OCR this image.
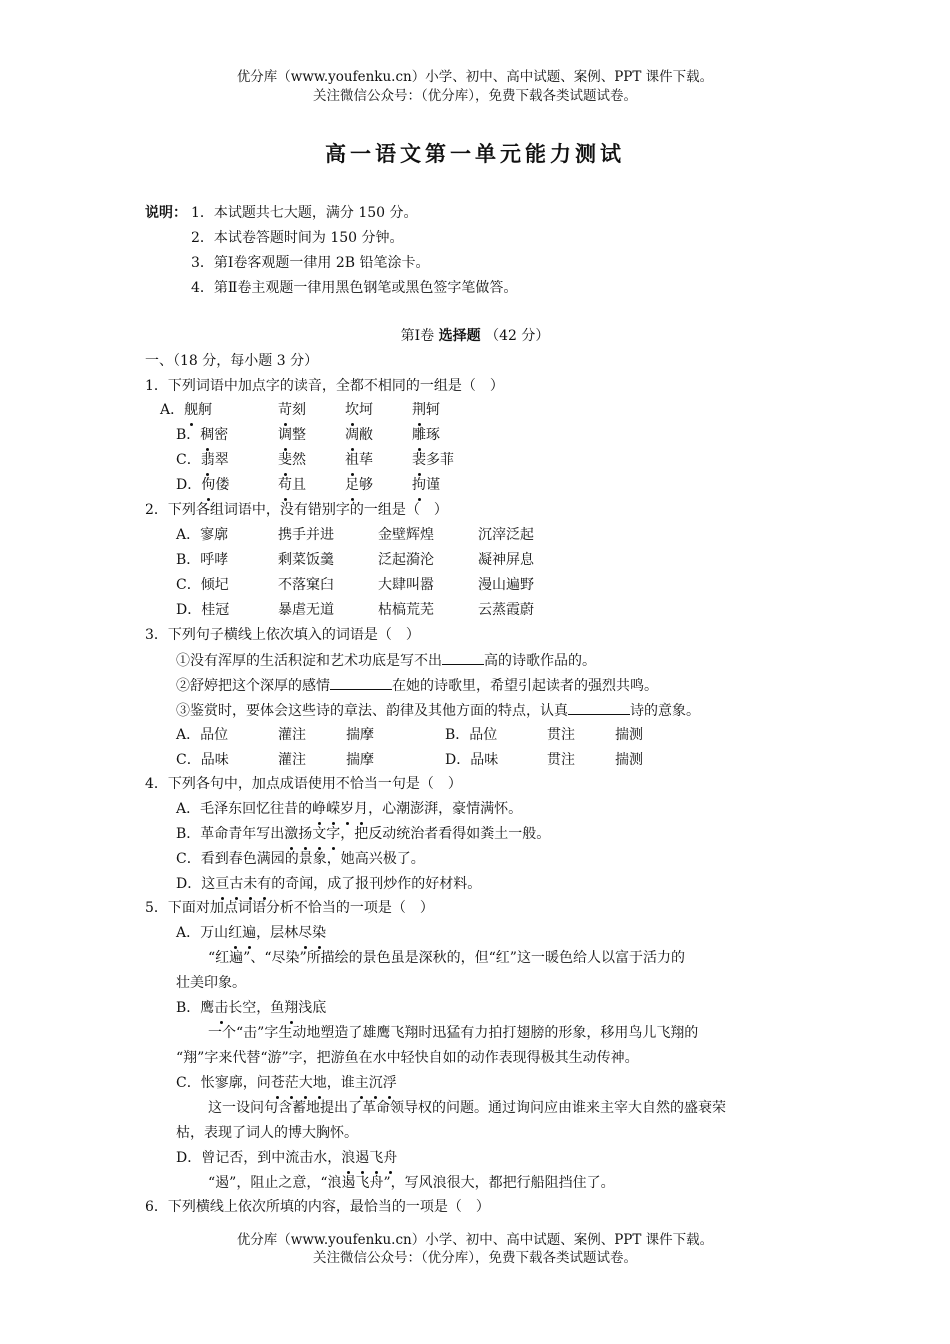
优分库（www.youfenku.cn）小学、初中、高中试题、案例、PPT 课件下载。
关注微信公众号：（优分库），免费下载各类试题试卷。
高一语文第一单元能力测试
说明： 1．本试题共七大题，满分 150 分。
2．本试卷答题时间为 150 分钟。
3．第Ⅰ卷客观题一律用 2B 铅笔涂卡。
4．第Ⅱ卷主观题一律用黑色钢笔或黑色签字笔做答。
第Ⅰ卷 选择题 （42 分）
一、（18 分，每小题 3 分）
1．下列词语中加点字的读音，全都不相同的一组是（　）
A．舰舸	苛刻	坎坷	荆轲
B．稠密	调整	凋敝	雕琢
C．翡翠	斐然	祖荜	裴多菲
D．佝偻	苟且	足够	拘谨
2．下列各组词语中，没有错别字的一组是（　）
A．寥廓	携手并进	金壁辉煌	沉滓泛起
B．呼哮	剩菜饭羹	泛起漪沦	凝神屏息
C．倾圮	不落窠臼	大肆叫嚣	漫山遍野
D．桂冠	暴虐无道	枯槁荒芜	云蒸霞蔚
3．下列句子横线上依次填入的词语是（　）
①没有浑厚的生活积淀和艺术功底是写不出	高的诗歌作品的。
②舒婷把这个深厚的感情	在她的诗歌里，希望引起读者的强烈共鸣。
③鉴赏时，要体会这些诗的章法、韵律及其他方面的特点，认真	诗的意象。
A．品位	灌注	揣摩	B．品位	贯注	揣测
C．品味	灌注	揣摩	D．品味	贯注	揣测
4．下列各句中，加点成语使用不恰当一句是（　）
A．毛泽东回忆往昔的峥嵘岁月，心潮澎湃，豪情满怀。
B．革命青年写出激扬文字，把反动统治者看得如粪土一般。
C．看到春色满园的景象，她高兴极了。
D．这亘古未有的奇闻，成了报刊炒作的好材料。
5．下面对加点词语分析不恰当的一项是（　）
A．万山红遍，层林尽染
“红遍”、“尽染”所描绘的景色虽是深秋的，但“红”这一暖色给人以富于活力的
壮美印象。
B．鹰击长空，鱼翔浅底
一个“击”字生动地塑造了雄鹰飞翔时迅猛有力拍打翅膀的形象，移用鸟儿飞翔的
“翔”字来代替“游”字，把游鱼在水中轻快自如的动作表现得极其生动传神。
C．怅寥廓，问苍茫大地，谁主沉浮
这一设问句含蓄地提出了革命领导权的问题。通过询问应由谁来主宰大自然的盛衰荣
枯，表现了词人的博大胸怀。
D．曾记否，到中流击水，浪遏飞舟
“遏”，阻止之意，“浪遏飞舟”，写风浪很大，都把行船阻挡住了。
6．下列横线上依次所填的内容，最恰当的一项是（　）
优分库（www.youfenku.cn）小学、初中、高中试题、案例、PPT 课件下载。
关注微信公众号：（优分库），免费下载各类试题试卷。
